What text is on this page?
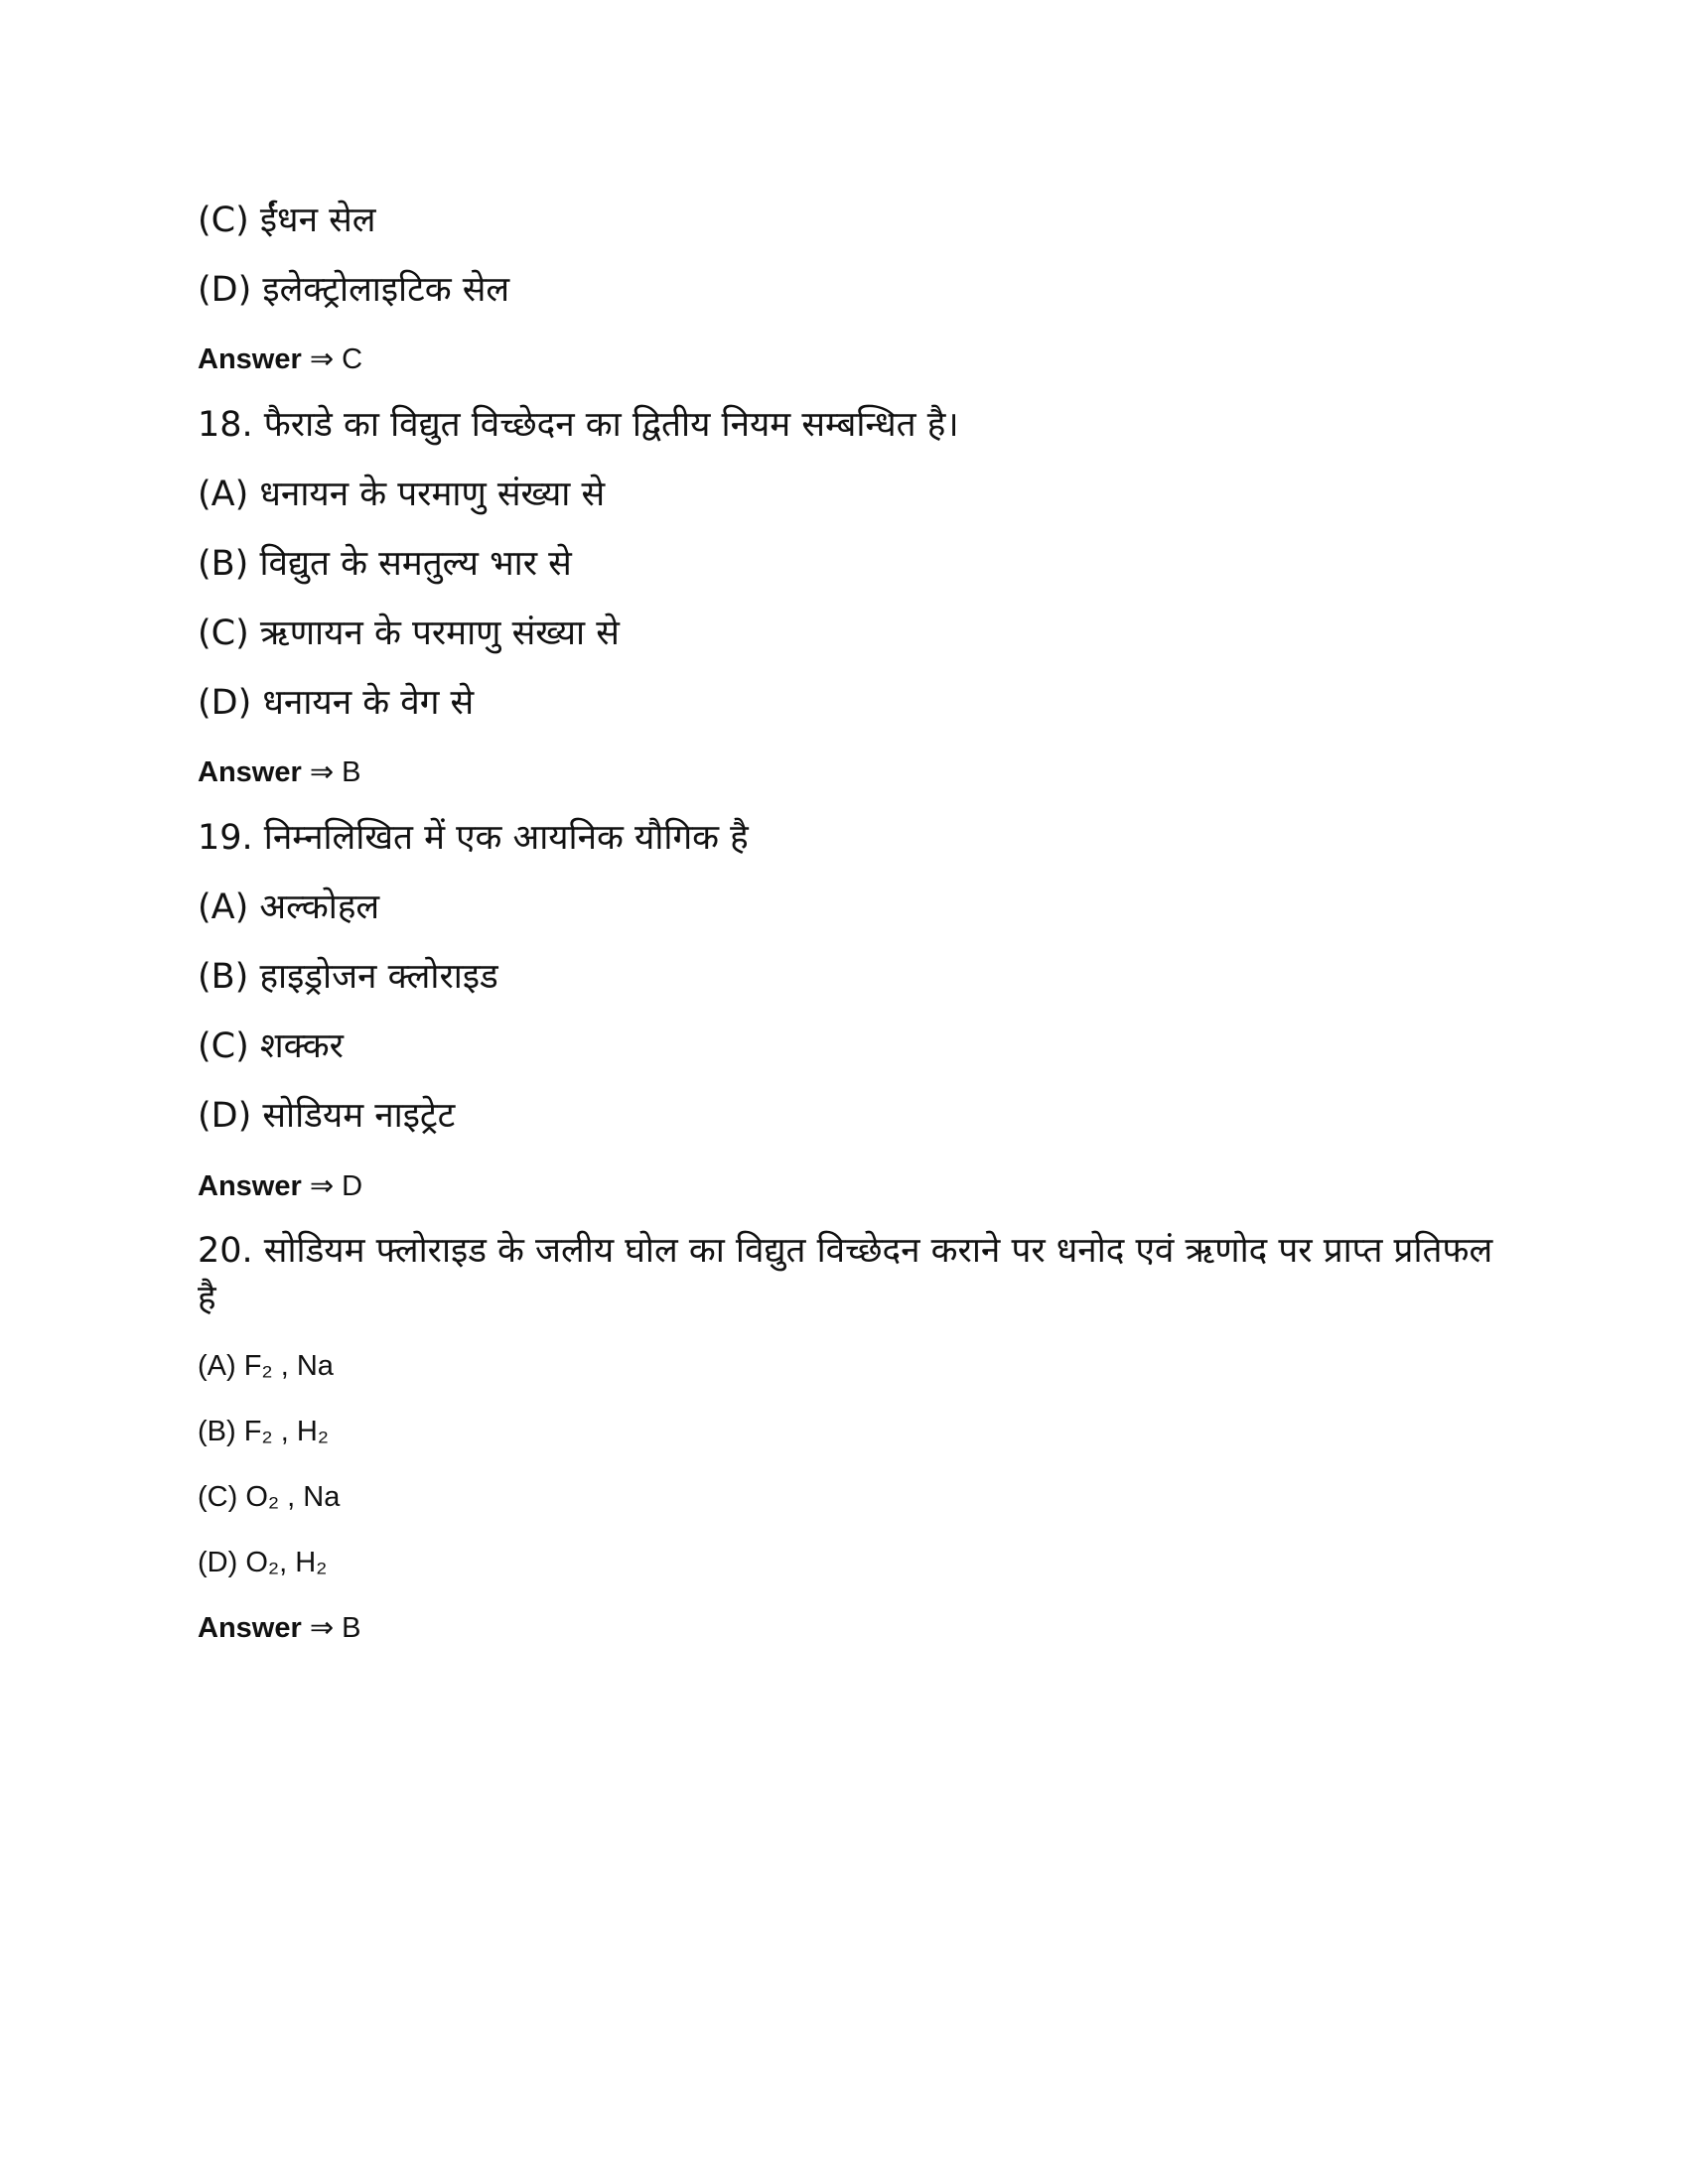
(C) ईंधन सेल
(D) इलेक्ट्रोलाइटिक सेल
Answer ⇒ C
18. फैराडे का विद्युत विच्छेदन का द्वितीय नियम सम्बन्धित है।
(A) धनायन के परमाणु संख्या से
(B) विद्युत के समतुल्य भार से
(C) ऋणायन के परमाणु संख्या से
(D) धनायन के वेग से
Answer ⇒ B
19. निम्नलिखित में एक आयनिक यौगिक है
(A) अल्कोहल
(B) हाइड्रोजन क्लोराइड
(C) शक्कर
(D) सोडियम नाइट्रेट
Answer ⇒ D
20. सोडियम फ्लोराइड के जलीय घोल का विद्युत विच्छेदन कराने पर धनोद एवं ऋणोद पर प्राप्त प्रतिफल
है
(A) F₂ , Na
(B) F₂ , H₂
(C) O₂ , Na
(D) O₂, H₂
Answer ⇒ B
